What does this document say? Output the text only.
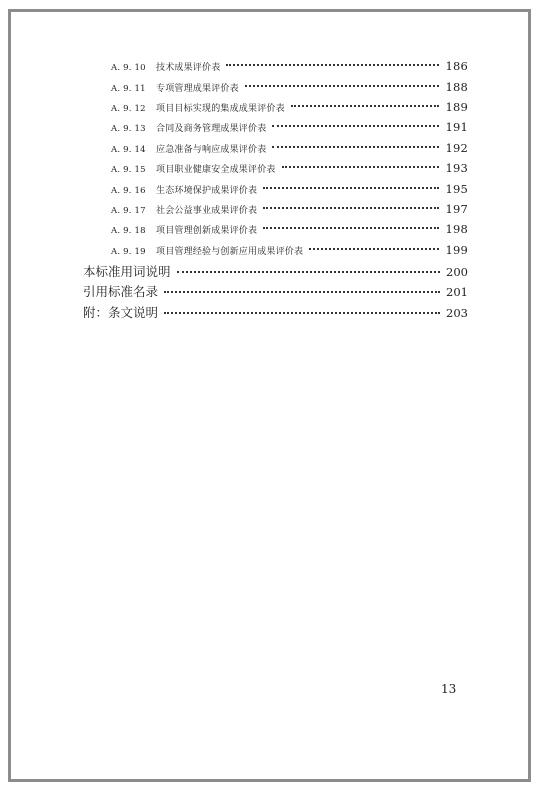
A. 9. 10	技术成果评价表	186
A. 9. 11	专项管理成果评价表	188
A. 9. 12	项目目标实现的集成成果评价表	189
A. 9. 13	合同及商务管理成果评价表	191
A. 9. 14	应急准备与响应成果评价表	192
A. 9. 15	项目职业健康安全成果评价表	193
A. 9. 16	生态环境保护成果评价表	195
A. 9. 17	社会公益事业成果评价表	197
A. 9. 18	项目管理创新成果评价表	198
A. 9. 19	项目管理经验与创新应用成果评价表	199
本标准用词说明	200
引用标准名录	201
附：条文说明	203
13
